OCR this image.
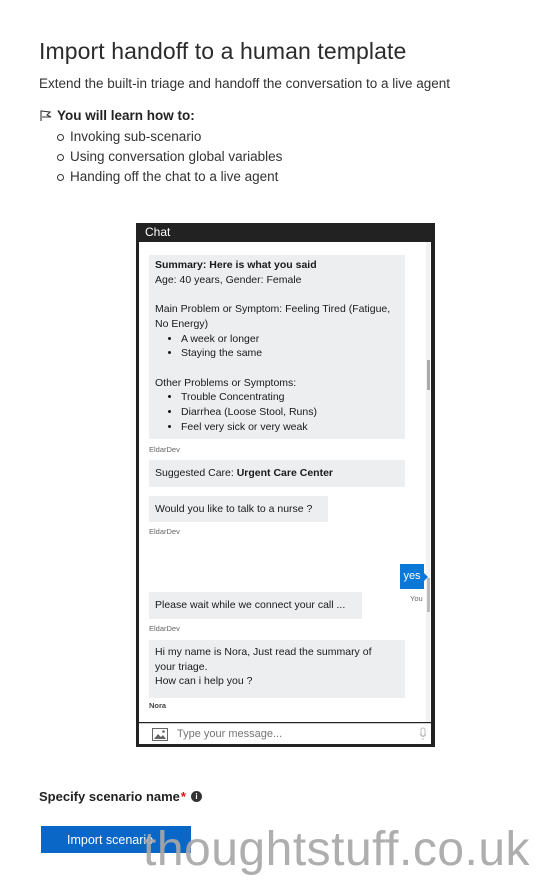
Import handoff to a human template
Extend the built-in triage and handoff the conversation to a live agent
You will learn how to:
Invoking sub-scenario
Using conversation global variables
Handing off the chat to a live agent
Chat
Summary: Here is what you said
Age: 40 years, Gender: Female
Main Problem or Symptom: Feeling Tired (Fatigue,
No Energy)
• A week or longer
• Staying the same
Other Problems or Symptoms:
• Trouble Concentrating
• Diarrhea (Loose Stool, Runs)
• Feel very sick or very weak
EldarDev
Suggested Care: Urgent Care Center
Would you like to talk to a nurse ?
EldarDev
yes
You
Please wait while we connect your call ...
EldarDev
Hi my name is Nora, Just read the summary of
your triage.
How can i help you ?
Nora
Type your message...
Specify scenario name *	i
Import scenario
thoughtstuff.co.uk
